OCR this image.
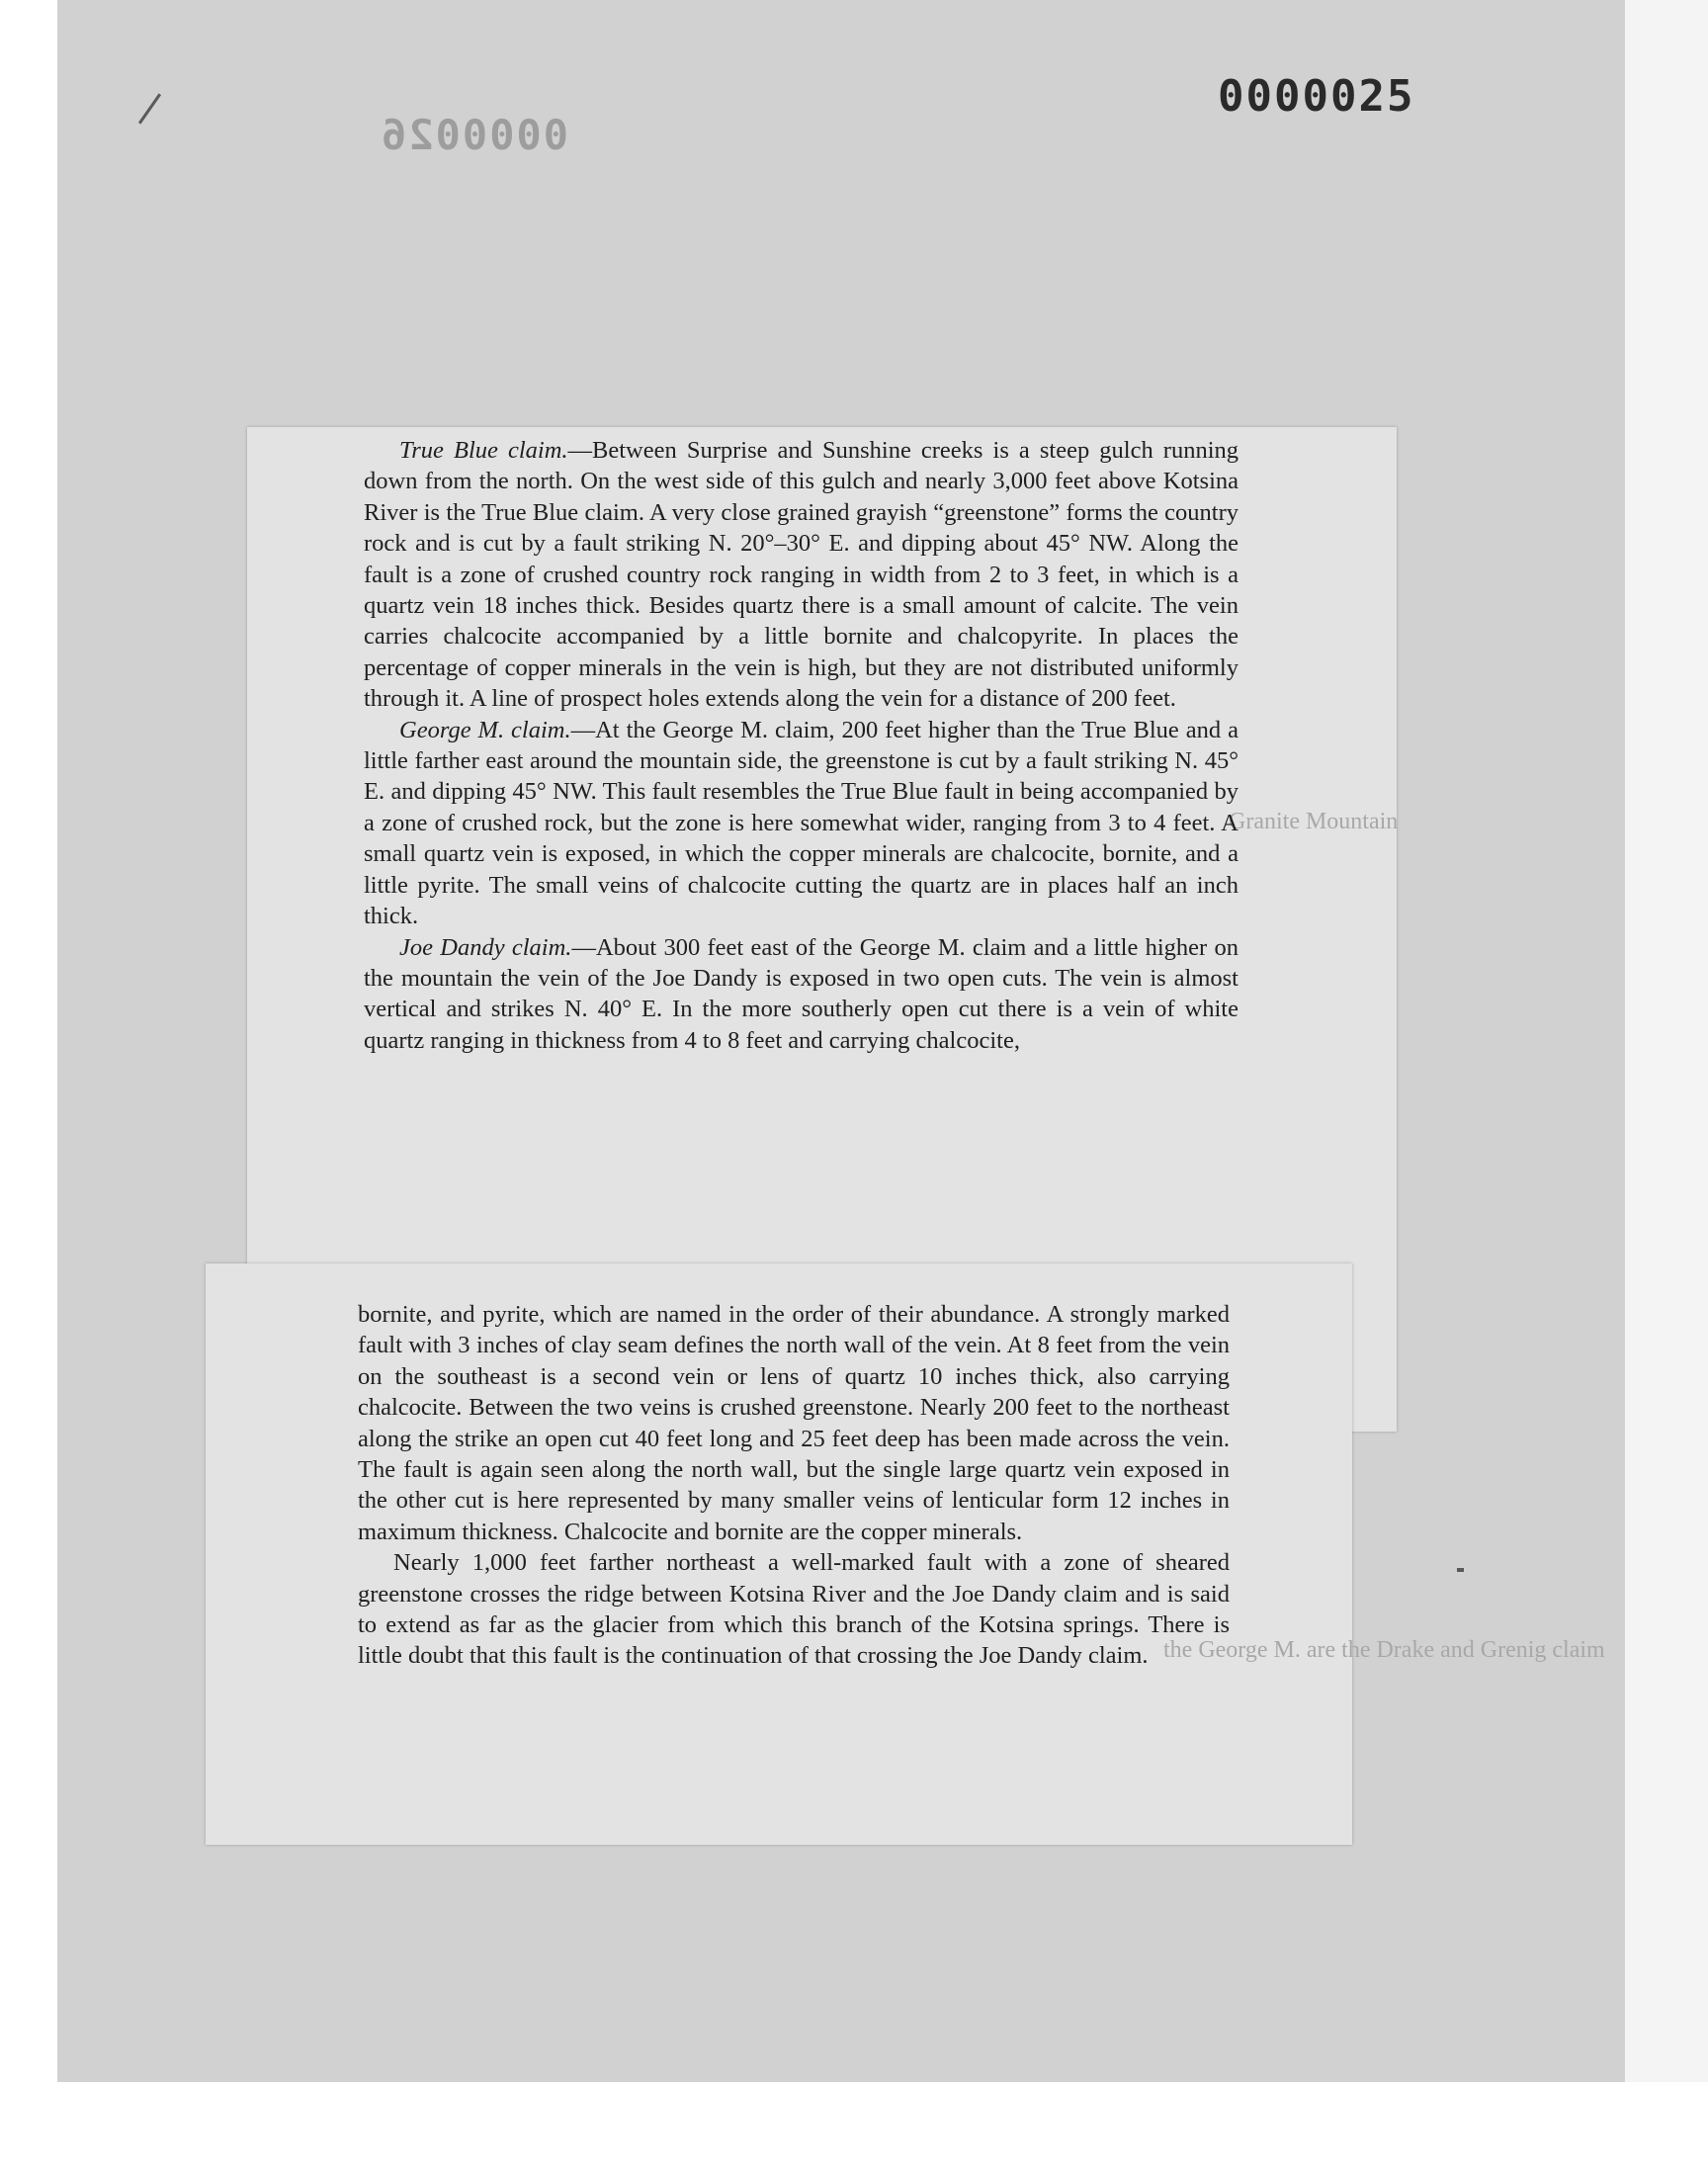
0000025
0000026
Granite Mountain
the George M. are the Drake and Grenig claim

True Blue claim.—Between Surprise and Sunshine creeks is a steep gulch running down from the north. On the west side of this gulch and nearly 3,000 feet above Kotsina River is the True Blue claim. A very close grained grayish “greenstone” forms the country rock and is cut by a fault striking N. 20°–30° E. and dipping about 45° NW. Along the fault is a zone of crushed country rock ranging in width from 2 to 3 feet, in which is a quartz vein 18 inches thick. Besides quartz there is a small amount of calcite. The vein carries chalcocite accompanied by a little bornite and chalcopyrite. In places the percentage of copper minerals in the vein is high, but they are not distributed uniformly through it. A line of prospect holes extends along the vein for a distance of 200 feet.

George M. claim.—At the George M. claim, 200 feet higher than the True Blue and a little farther east around the mountain side, the greenstone is cut by a fault striking N. 45° E. and dipping 45° NW. This fault resembles the True Blue fault in being accompanied by a zone of crushed rock, but the zone is here somewhat wider, ranging from 3 to 4 feet. A small quartz vein is exposed, in which the copper minerals are chalcocite, bornite, and a little pyrite. The small veins of chalcocite cutting the quartz are in places half an inch thick.

Joe Dandy claim.—About 300 feet east of the George M. claim and a little higher on the mountain the vein of the Joe Dandy is exposed in two open cuts. The vein is almost vertical and strikes N. 40° E. In the more southerly open cut there is a vein of white quartz ranging in thickness from 4 to 8 feet and carrying chalcocite,

bornite, and pyrite, which are named in the order of their abundance. A strongly marked fault with 3 inches of clay seam defines the north wall of the vein. At 8 feet from the vein on the southeast is a second vein or lens of quartz 10 inches thick, also carrying chalcocite. Between the two veins is crushed greenstone. Nearly 200 feet to the northeast along the strike an open cut 40 feet long and 25 feet deep has been made across the vein. The fault is again seen along the north wall, but the single large quartz vein exposed in the other cut is here represented by many smaller veins of lenticular form 12 inches in maximum thickness. Chalcocite and bornite are the copper minerals.

Nearly 1,000 feet farther northeast a well-marked fault with a zone of sheared greenstone crosses the ridge between Kotsina River and the Joe Dandy claim and is said to extend as far as the glacier from which this branch of the Kotsina springs. There is little doubt that this fault is the continuation of that crossing the Joe Dandy claim.
